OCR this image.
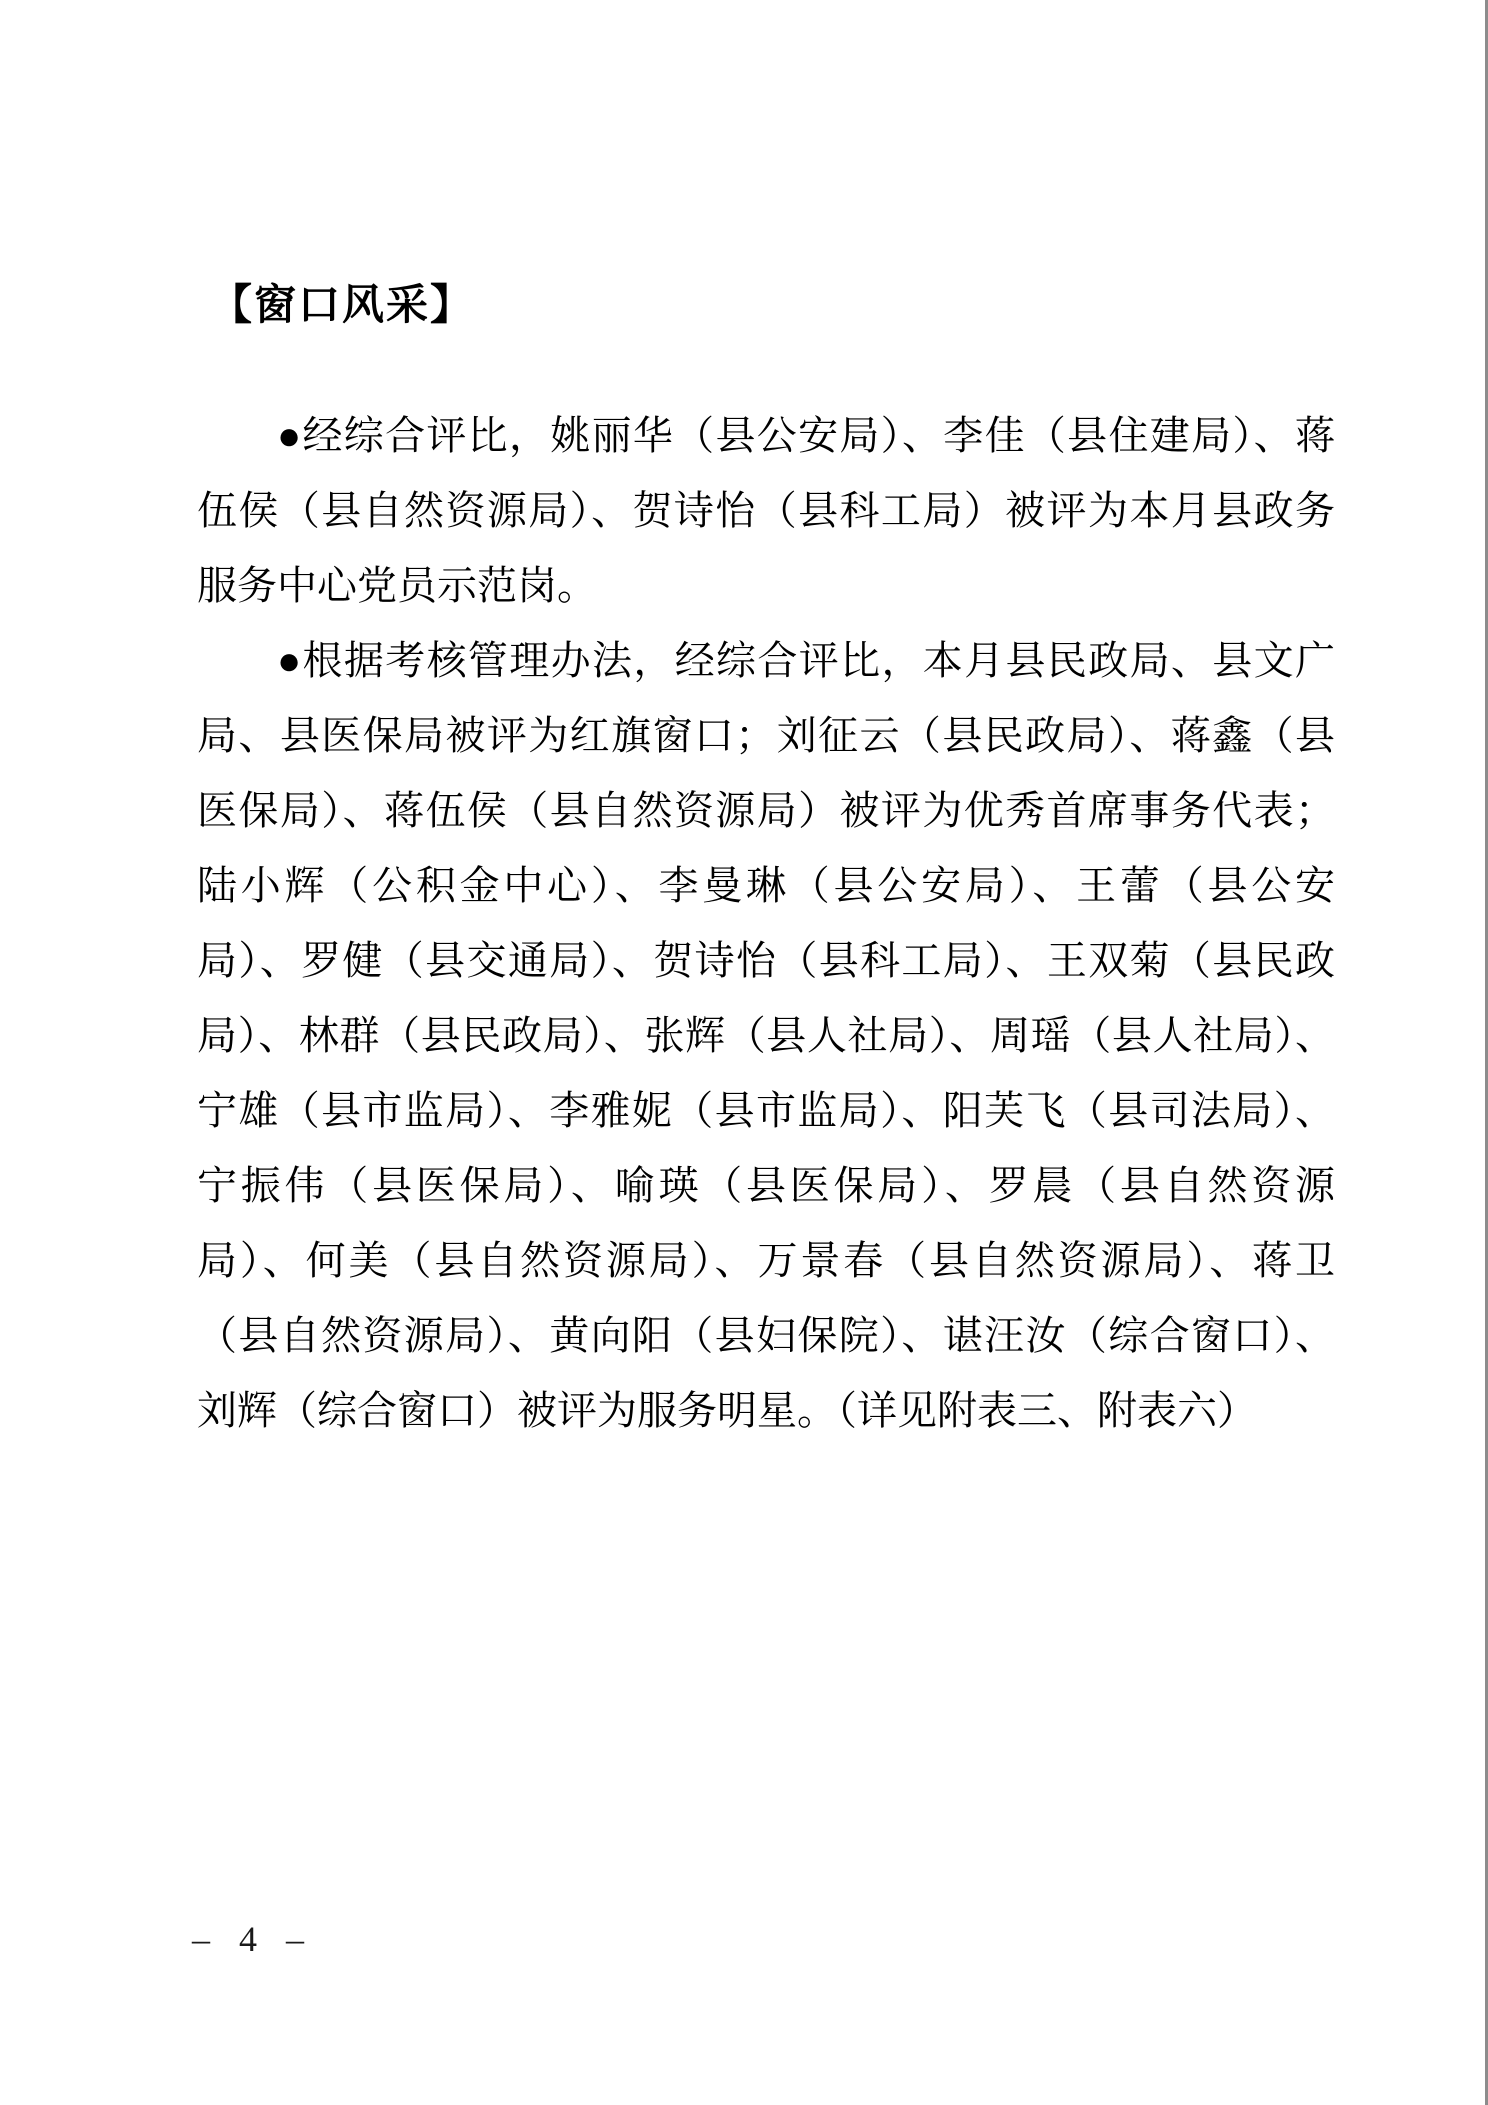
【窗口风采】

●经综合评比，姚丽华（县公安局）、李佳（县住建局）、蒋伍侯（县自然资源局）、贺诗怡（县科工局）被评为本月县政务服务中心党员示范岗。

●根据考核管理办法，经综合评比，本月县民政局、县文广局、县医保局被评为红旗窗口；刘征云（县民政局）、蒋鑫（县医保局）、蒋伍侯（县自然资源局）被评为优秀首席事务代表；陆小辉（公积金中心）、李曼琳（县公安局）、王蕾（县公安局）、罗健（县交通局）、贺诗怡（县科工局）、王双菊（县民政局）、林群（县民政局）、张辉（县人社局）、周瑶（县人社局）、宁雄（县市监局）、李雅妮（县市监局）、阳芙飞（县司法局）、宁振伟（县医保局）、喻瑛（县医保局）、罗晨（县自然资源局）、何美（县自然资源局）、万景春（县自然资源局）、蒋卫（县自然资源局）、黄向阳（县妇保院）、谌汪汝（综合窗口）、刘辉（综合窗口）被评为服务明星。（详见附表三、附表六）

– 4 –
